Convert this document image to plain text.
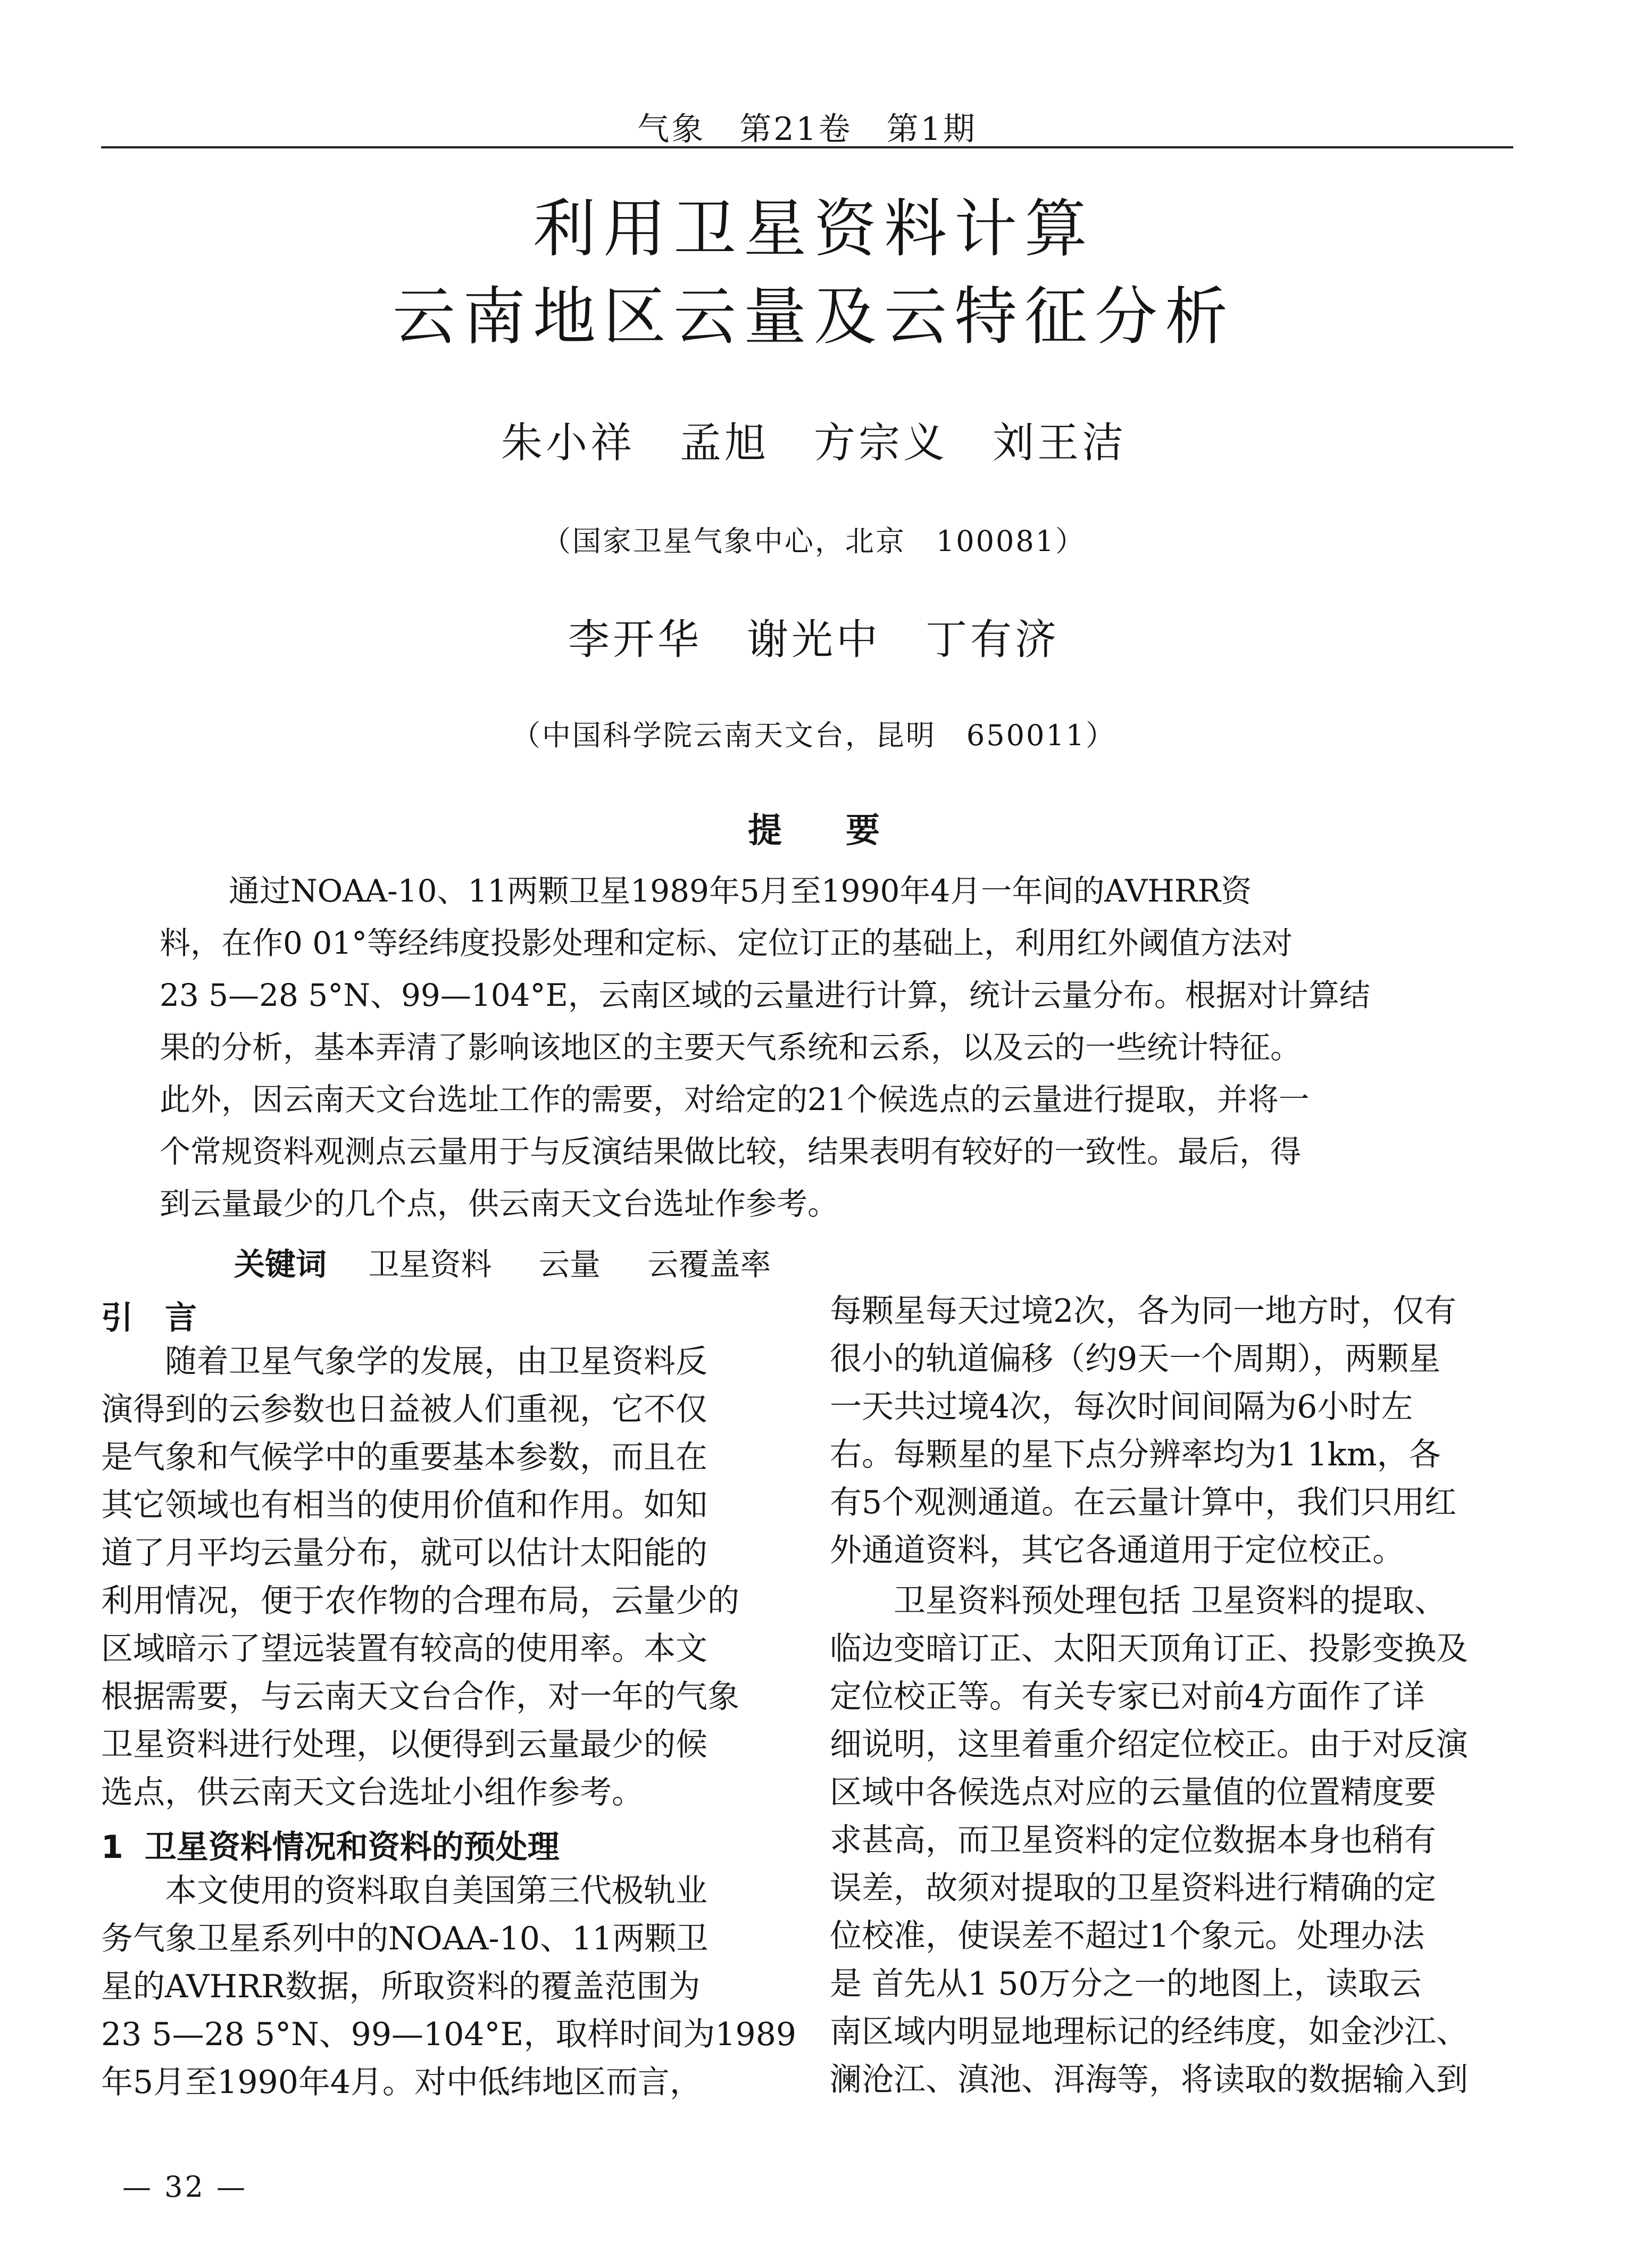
气象　第21卷　第1期
利用卫星资料计算
云南地区云量及云特征分析
朱小祥　孟旭　方宗义　刘王洁
（国家卫星气象中心，北京　100081）
李开华　谢光中　丁有济
（中国科学院云南天文台，昆明　650011）
提要
通过NOAA-10、11两颗卫星1989年5月至1990年4月一年间的AVHRR资
料，在作0 01°等经纬度投影处理和定标、定位订正的基础上，利用红外阈值方法对
23 5—28 5°N、99—104°E，云南区域的云量进行计算，统计云量分布。根据对计算结
果的分析，基本弄清了影响该地区的主要天气系统和云系，以及云的一些统计特征。
此外，因云南天文台选址工作的需要，对给定的21个候选点的云量进行提取，并将一
个常规资料观测点云量用于与反演结果做比较，结果表明有较好的一致性。最后，得
到云量最少的几个点，供云南天文台选址作参考。
关键词 卫星资料 云量 云覆盖率
引　言
　　随着卫星气象学的发展，由卫星资料反
演得到的云参数也日益被人们重视，它不仅
是气象和气候学中的重要基本参数，而且在
其它领域也有相当的使用价值和作用。如知
道了月平均云量分布，就可以估计太阳能的
利用情况，便于农作物的合理布局，云量少的
区域暗示了望远装置有较高的使用率。本文
根据需要，与云南天文台合作，对一年的气象
卫星资料进行处理，以便得到云量最少的候
选点，供云南天文台选址小组作参考。
1 卫星资料情况和资料的预处理
　　本文使用的资料取自美国第三代极轨业
务气象卫星系列中的NOAA-10、11两颗卫
星的AVHRR数据，所取资料的覆盖范围为
23 5—28 5°N、99—104°E，取样时间为1989
年5月至1990年4月。对中低纬地区而言，
每颗星每天过境2次，各为同一地方时，仅有
很小的轨道偏移（约9天一个周期），两颗星
一天共过境4次，每次时间间隔为6小时左
右。每颗星的星下点分辨率均为1 1km，各
有5个观测通道。在云量计算中，我们只用红
外通道资料，其它各通道用于定位校正。
　　卫星资料预处理包括 卫星资料的提取、
临边变暗订正、太阳天顶角订正、投影变换及
定位校正等。有关专家已对前4方面作了详
细说明，这里着重介绍定位校正。由于对反演
区域中各候选点对应的云量值的位置精度要
求甚高，而卫星资料的定位数据本身也稍有
误差，故须对提取的卫星资料进行精确的定
位校准，使误差不超过1个象元。处理办法
是 首先从1 50万分之一的地图上，读取云
南区域内明显地理标记的经纬度，如金沙江、
澜沧江、滇池、洱海等，将读取的数据输入到
— 32 —
